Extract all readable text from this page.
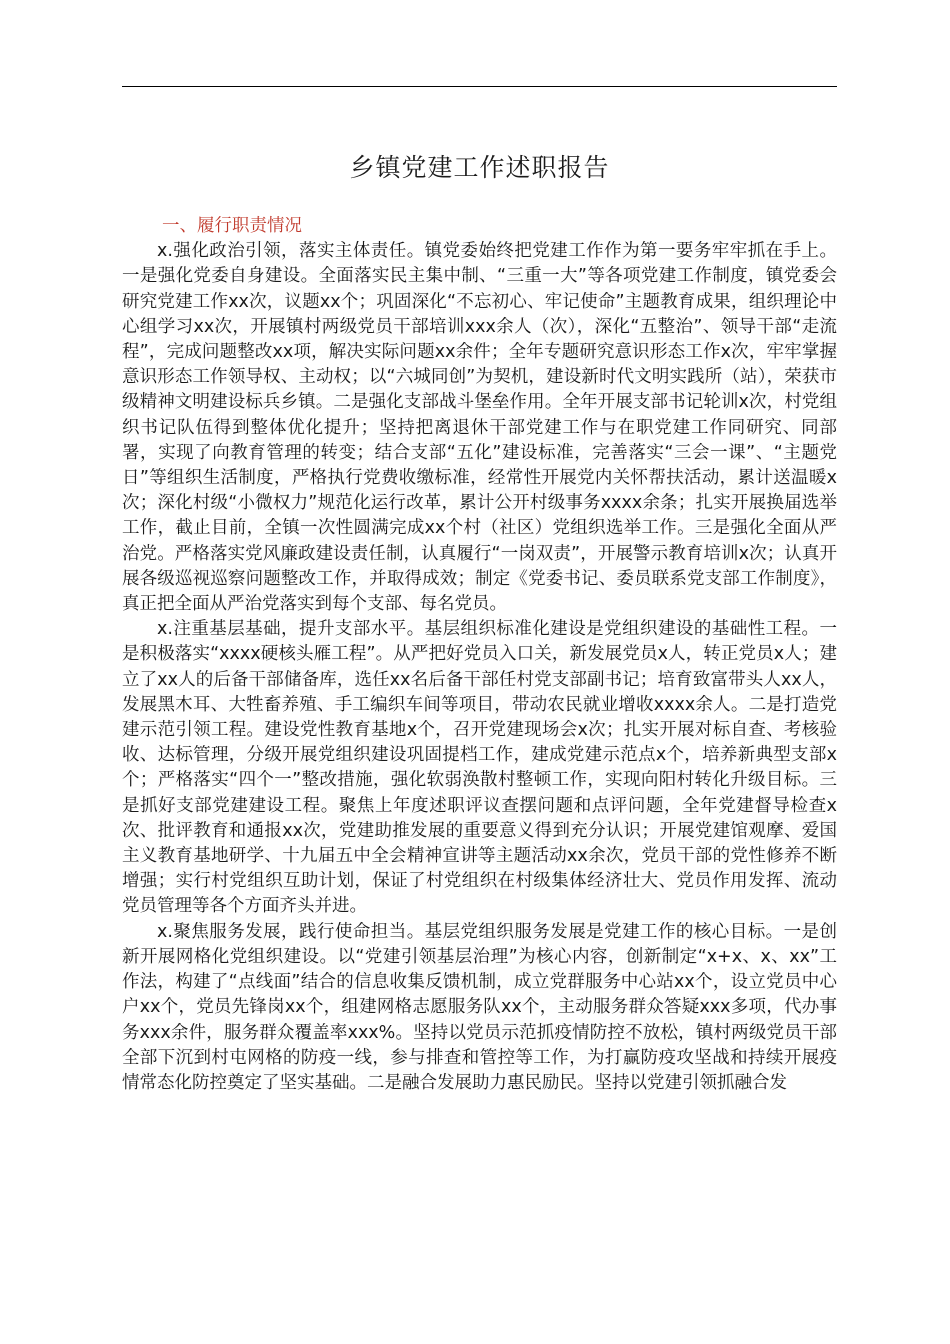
乡镇党建工作述职报告

一、履行职责情况

x.强化政治引领，落实主体责任。镇党委始终把党建工作作为第一要务牢牢抓在手上。一是强化党委自身建设。全面落实民主集中制、“三重一大”等各项党建工作制度，镇党委会研究党建工作xx次，议题xx个；巩固深化“不忘初心、牢记使命”主题教育成果，组织理论中心组学习xx次，开展镇村两级党员干部培训xxx余人（次），深化“五整治”、领导干部“走流程”，完成问题整改xx项，解决实际问题xx余件；全年专题研究意识形态工作x次，牢牢掌握意识形态工作领导权、主动权；以“六城同创”为契机，建设新时代文明实践所（站），荣获市级精神文明建设标兵乡镇。二是强化支部战斗堡垒作用。全年开展支部书记轮训x次，村党组织书记队伍得到整体优化提升；坚持把离退休干部党建工作与在职党建工作同研究、同部署，实现了向教育管理的转变；结合支部“五化”建设标准，完善落实“三会一课”、“主题党日”等组织生活制度，严格执行党费收缴标准，经常性开展党内关怀帮扶活动，累计送温暖x次；深化村级“小微权力”规范化运行改革，累计公开村级事务xxxx余条；扎实开展换届选举工作，截止目前，全镇一次性圆满完成xx个村（社区）党组织选举工作。三是强化全面从严治党。严格落实党风廉政建设责任制，认真履行“一岗双责”，开展警示教育培训x次；认真开展各级巡视巡察问题整改工作，并取得成效；制定《党委书记、委员联系党支部工作制度》，真正把全面从严治党落实到每个支部、每名党员。

x.注重基层基础，提升支部水平。基层组织标准化建设是党组织建设的基础性工程。一是积极落实“xxxx硬核头雁工程”。从严把好党员入口关，新发展党员x人，转正党员x人；建立了xx人的后备干部储备库，选任xx名后备干部任村党支部副书记；培育致富带头人xx人，发展黑木耳、大牲畜养殖、手工编织车间等项目，带动农民就业增收xxxx余人。二是打造党建示范引领工程。建设党性教育基地x个，召开党建现场会x次；扎实开展对标自查、考核验收、达标管理，分级开展党组织建设巩固提档工作，建成党建示范点x个，培养新典型支部x个；严格落实“四个一”整改措施，强化软弱涣散村整顿工作，实现向阳村转化升级目标。三是抓好支部党建建设工程。聚焦上年度述职评议查摆问题和点评问题，全年党建督导检查x次、批评教育和通报xx次，党建助推发展的重要意义得到充分认识；开展党建馆观摩、爱国主义教育基地研学、十九届五中全会精神宣讲等主题活动xx余次，党员干部的党性修养不断增强；实行村党组织互助计划，保证了村党组织在村级集体经济壮大、党员作用发挥、流动党员管理等各个方面齐头并进。

x.聚焦服务发展，践行使命担当。基层党组织服务发展是党建工作的核心目标。一是创新开展网格化党组织建设。以“党建引领基层治理”为核心内容，创新制定“x+x、x、xx”工作法，构建了“点线面”结合的信息收集反馈机制，成立党群服务中心站xx个，设立党员中心户xx个，党员先锋岗xx个，组建网格志愿服务队xx个，主动服务群众答疑xxx多项，代办事务xxx余件，服务群众覆盖率xxx%。坚持以党员示范抓疫情防控不放松，镇村两级党员干部全部下沉到村屯网格的防疫一线，参与排查和管控等工作，为打赢防疫攻坚战和持续开展疫情常态化防控奠定了坚实基础。二是融合发展助力惠民励民。坚持以党建引领抓融合发
